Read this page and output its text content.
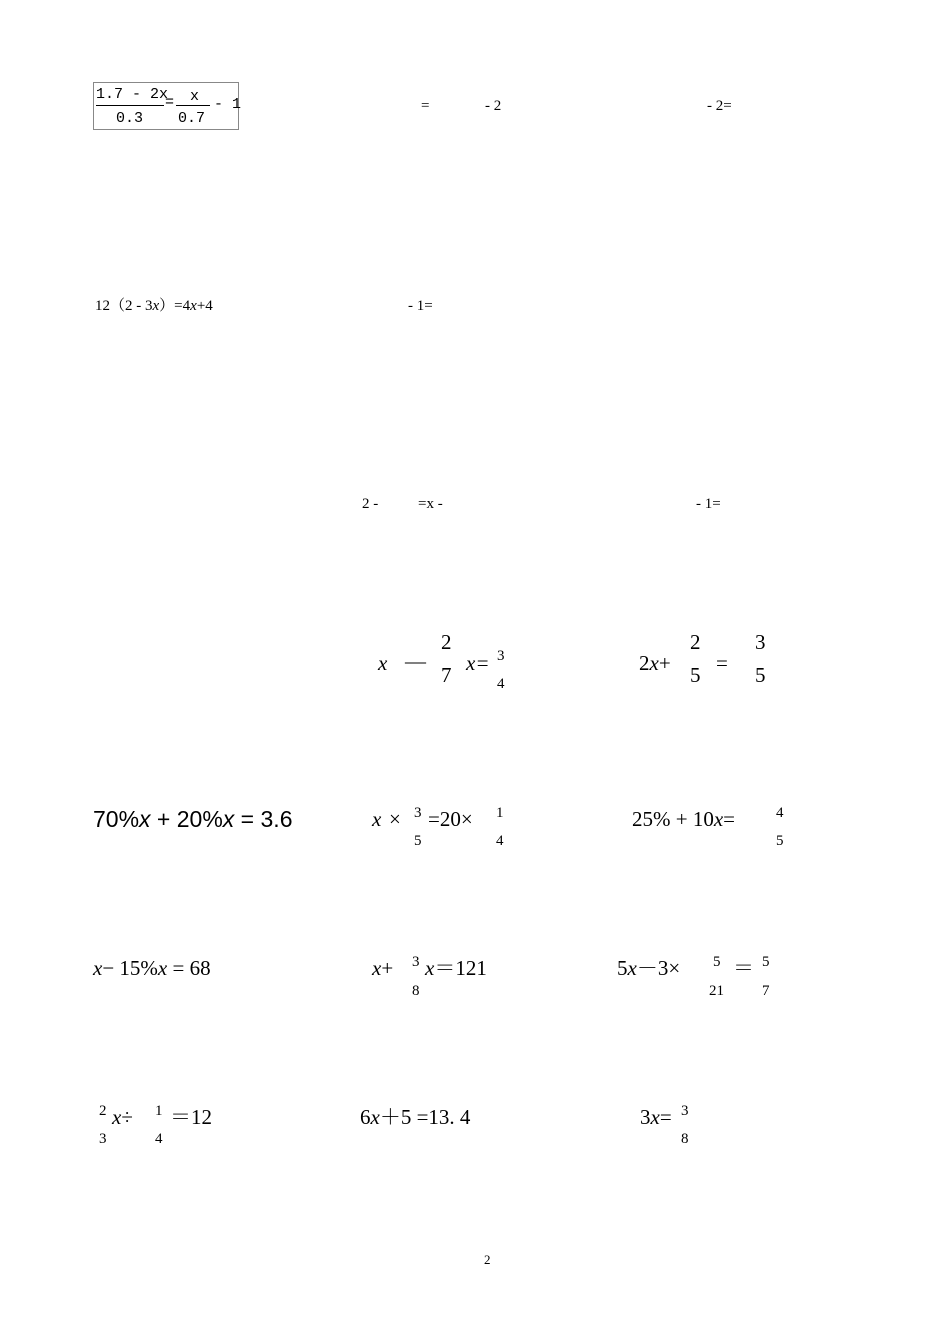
1.7 - 2x
0.3
= x
0.7
- 1	=	- 2	- 2=
12（2 - 3x）=4x+4	- 1=
2 -	=x -	- 1=
x —
2
7 x= 3
4
2x+
2
5 =
3
5
70%x + 20%x = 3.6	x × 3
5
=20× 1
4
25% + 10x=	4
5
x− 15%x = 68	x+ 3
8
x＝121	5x－3× 5
21
＝ 5
7
2
3
x÷ 1
4
＝12	6x＋5 =13. 4	3x= 3
8
2
